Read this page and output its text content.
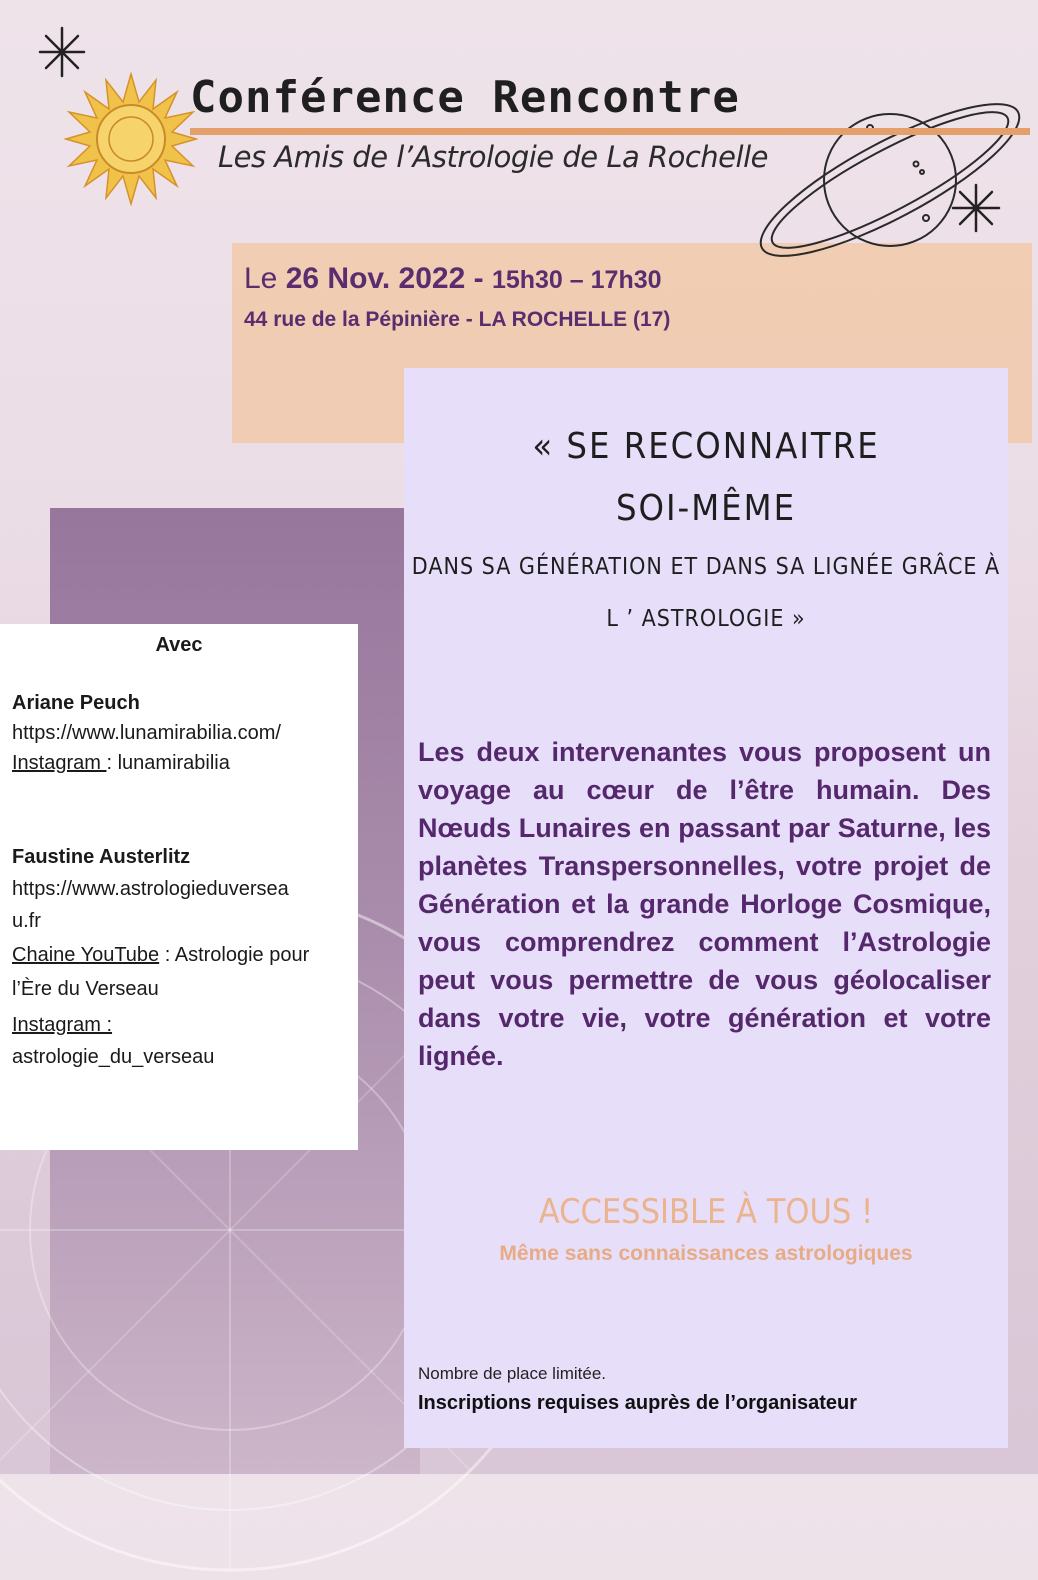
Conférence Rencontre
Les Amis de l’Astrologie de La Rochelle
Le 26 Nov. 2022 - 15h30 – 17h30
44 rue de la Pépinière - LA ROCHELLE (17)
« SE RECONNAITRE
SOI-MÊME
DANS SA GÉNÉRATION ET DANS SA LIGNÉE GRÂCE À
L ’ ASTROLOGIE »
Les deux intervenantes vous proposent un voyage au cœur de l’être humain. Des Nœuds Lunaires en passant par Saturne, les planètes Transpersonnelles, votre projet de Génération et la grande Horloge Cosmique, vous comprendrez comment l’Astrologie peut vous permettre de vous géolocaliser dans votre vie, votre génération et votre lignée.
ACCESSIBLE À TOUS !
Même sans connaissances astrologiques
Nombre de place limitée.
Inscriptions requises auprès de l’organisateur
Avec
Ariane Peuch
https://www.lunamirabilia.com/
Instagram : lunamirabilia
Faustine Austerlitz
https://www.astrologieduversea
u.fr
Chaine YouTube : Astrologie pour
l’Ère du Verseau
Instagram :
astrologie_du_verseau
